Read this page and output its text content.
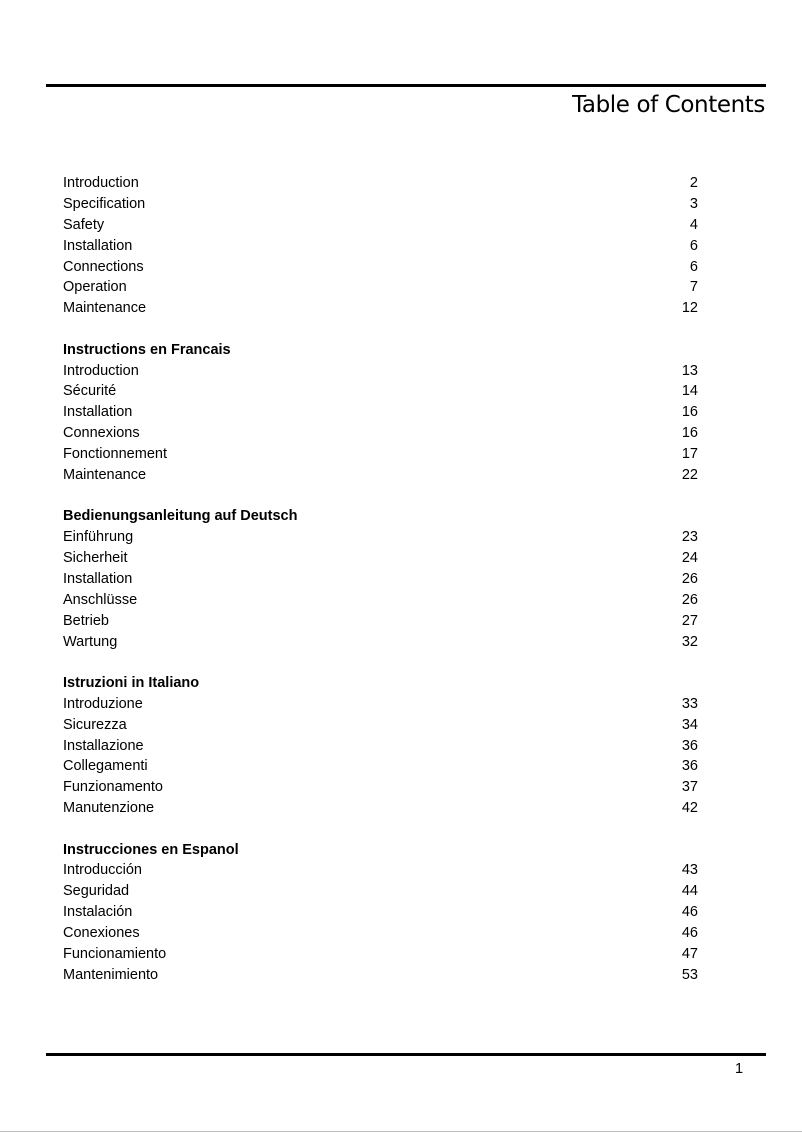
Table of Contents
Introduction	2
Specification	3
Safety	4
Installation	6
Connections	6
Operation	7
Maintenance	12
Instructions en Francais
Introduction	13
Sécurité	14
Installation	16
Connexions	16
Fonctionnement	17
Maintenance	22
Bedienungsanleitung auf Deutsch
Einführung	23
Sicherheit	24
Installation	26
Anschlüsse	26
Betrieb	27
Wartung	32
Istruzioni in Italiano
Introduzione	33
Sicurezza	34
Installazione	36
Collegamenti	36
Funzionamento	37
Manutenzione	42
Instrucciones en Espanol
Introducción	43
Seguridad	44
Instalación	46
Conexiones	46
Funcionamiento	47
Mantenimiento	53
1
